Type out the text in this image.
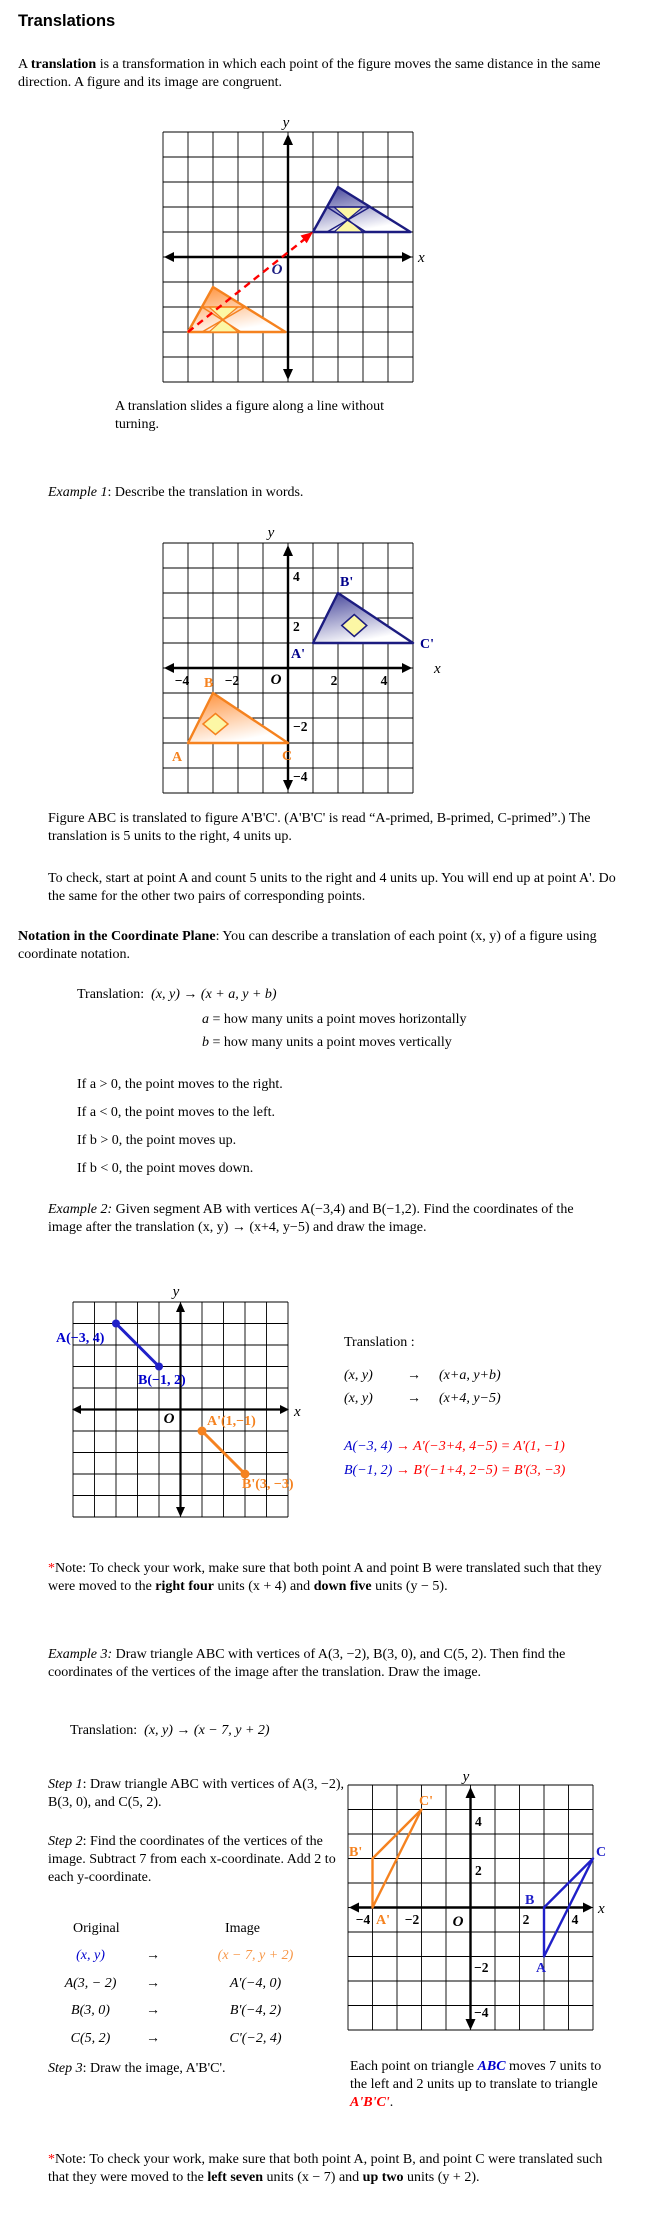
Translations
A translation is a transformation in which each point of the figure moves the same distance in the same direction. A figure and its image are congruent.
y
x
O
A translation slides a figure along a line without turning.
Example 1: Describe the translation in words.
y
x
O
−4	−2	2	4
4
2
−2
−4
B'
A'
C'
B
A	C
Figure ABC is translated to figure A'B'C'. (A'B'C' is read “A-primed, B-primed, C-primed”.) The translation is 5 units to the right, 4 units up.
To check, start at point A and count 5 units to the right and 4 units up. You will end up at point A'. Do the same for the other two pairs of corresponding points.
Notation in the Coordinate Plane: You can describe a translation of each point (x, y) of a figure using coordinate notation.
Translation: (x, y) → (x + a, y + b)
a = how many units a point moves horizontally
b = how many units a point moves vertically
If a > 0, the point moves to the right.
If a < 0, the point moves to the left.
If b > 0, the point moves up.
If b < 0, the point moves down.
Example 2: Given segment AB with vertices A(−3,4) and B(−1,2). Find the coordinates of the image after the translation (x, y) → (x+4, y−5) and draw the image.
y
x
O
A(−3, 4)
B(−1, 2)
A'(1,−1)
B'(3, −3)
Translation :
(x, y) → (x+a, y+b)
(x, y) → (x+4, y−5)
A(−3, 4) → A'(−3+4, 4−5) = A'(1, −1)
B(−1, 2) → B'(−1+4, 2−5) = B'(3, −3)
*Note: To check your work, make sure that both point A and point B were translated such that they were moved to the right four units (x + 4) and down five units (y − 5).
Example 3: Draw triangle ABC with vertices of A(3, −2), B(3, 0), and C(5, 2). Then find the coordinates of the vertices of the image after the translation. Draw the image.
Translation: (x, y) → (x − 7, y + 2)
Step 1: Draw triangle ABC with vertices of A(3, −2), B(3, 0), and C(5, 2).
Step 2: Find the coordinates of the vertices of the image. Subtract 7 from each x-coordinate. Add 2 to each y-coordinate.
Original	Image
(x, y)	→	(x − 7, y + 2)
A(3, − 2)	→	A'(−4, 0)
B(3, 0)	→	B'(−4, 2)
C(5, 2)	→	C'(−2, 4)
Step 3: Draw the image, A'B'C'.
y
x
O
−4	−2	2	4
4
2
−2
−4
C'
B'
A'
A
B
C
Each point on triangle ABC moves 7 units to the left and 2 units up to translate to triangle A'B'C'.
*Note: To check your work, make sure that both point A, point B, and point C were translated such that they were moved to the left seven units (x − 7) and up two units (y + 2).
